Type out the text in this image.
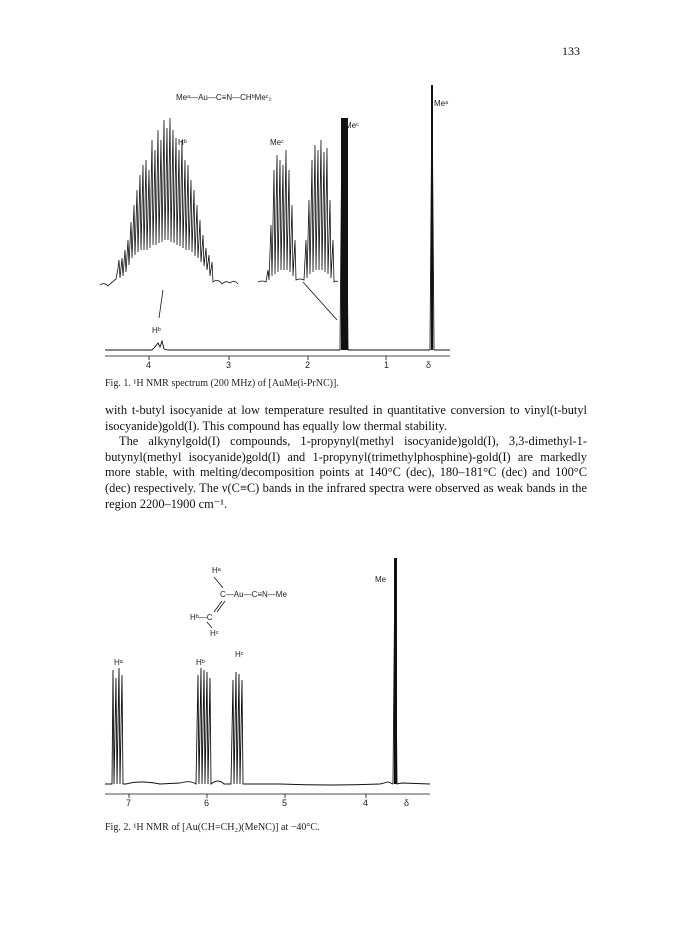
133
Meᵃ—Au—C≡N—CHᵇMeᶜ₂
Hᵇ	Meᶜ
Meᶜ
Meᵃ
Hᵇ
4	3	2	1	δ
Fig. 1. ¹H NMR spectrum (200 MHz) of [AuMe(i-PrNC)].

with t-butyl isocyanide at low temperature resulted in quantitative conversion to vinyl(t-butyl isocyanide)gold(I). This compound has equally low thermal stability.

The alkynylgold(I) compounds, 1-propynyl(methyl isocyanide)gold(I), 3,3-dimethyl-1-butynyl(methyl isocyanide)gold(I) and 1-propynyl(trimethylphosphine)-gold(I) are markedly more stable, with melting/decomposition points at 140°C (dec), 180–181°C (dec) and 100°C (dec) respectively. The ν(C≡C) bands in the infrared spectra were observed as weak bands in the region 2200–1900 cm⁻¹.

Hᵃ
C—Au—C≡N—Me
Hᵇ—C
Hᶜ
Hᵃ	Hᵇ
Hᶜ
Me
7	6	5	4	δ
Fig. 2. ¹H NMR of [Au(CH=CH₂)(MeNC)] at −40°C.
